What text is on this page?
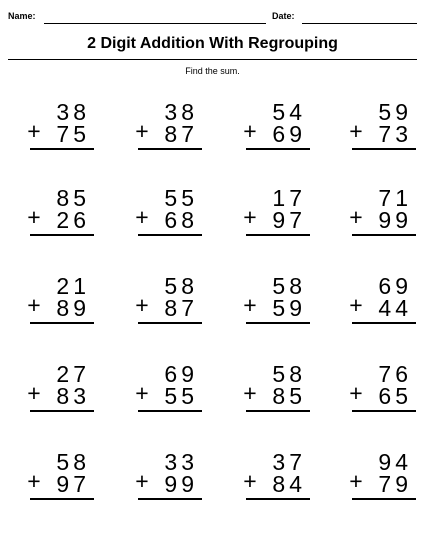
Name:	Date:
2 Digit Addition With Regrouping
Find the sum.
+
38
75 +
38
87 +
54
69 +
59
73
+
85
26 +
55
68 +
17
97 +
71
99
+
21
89 +
58
87 +
58
59 +
69
44
+
27
83 +
69
55 +
58
85 +
76
65
+
58
97 +
33
99 +
37
84 +
94
79
